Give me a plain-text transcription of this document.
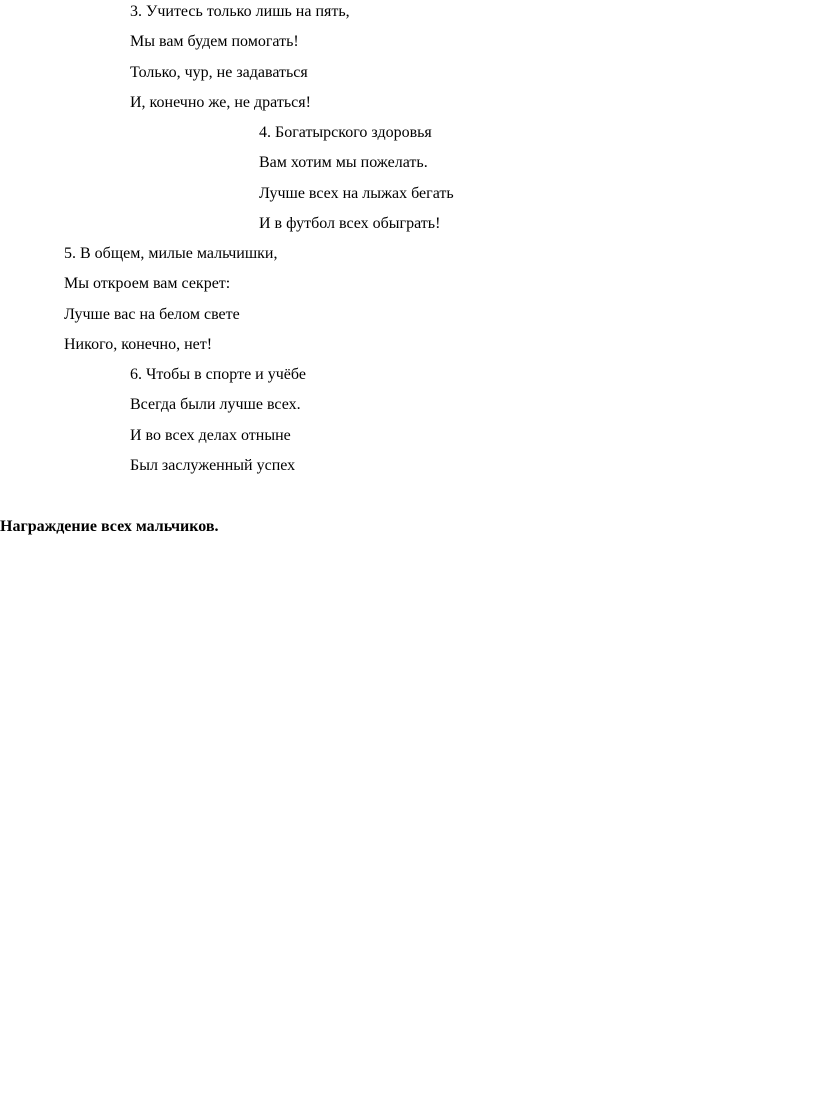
3. Учитесь только лишь на пять,
Мы вам будем помогать!
Только, чур, не задаваться
И, конечно же, не драться!
4. Богатырского здоровья
Вам хотим мы пожелать.
Лучше всех на лыжах бегать
И в футбол всех обыграть!
5. В общем, милые мальчишки,
Мы откроем вам секрет:
Лучше вас на белом свете
Никого, конечно, нет!
6. Чтобы в спорте и учёбе
Всегда были лучше всех.
И во всех делах отныне
Был заслуженный успех

Награждение всех мальчиков.
